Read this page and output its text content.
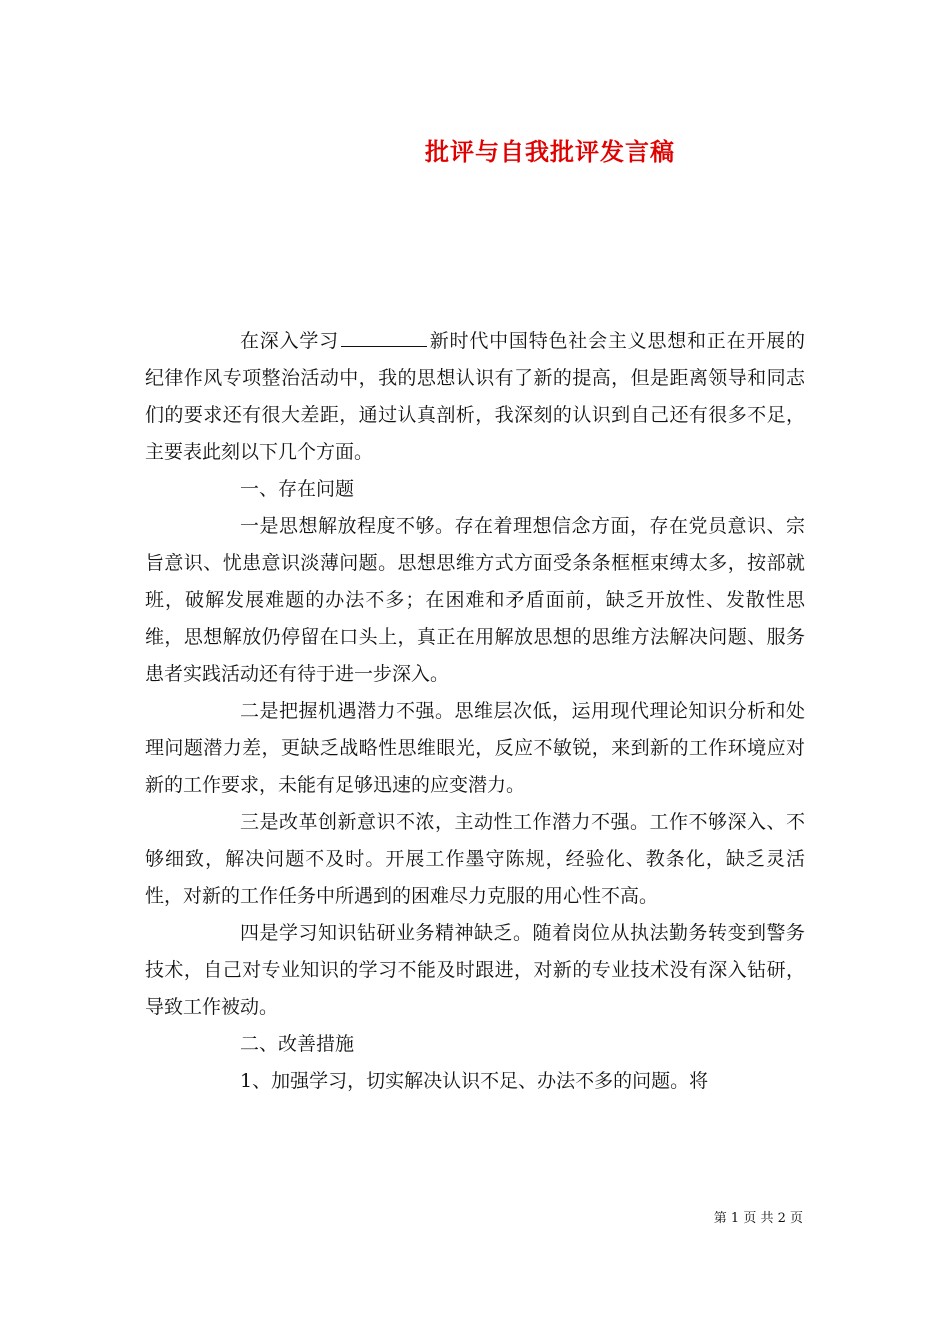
批评与自我批评发言稿

在深入学习	新时代中国特色社会主义思想和正在开展的纪律作风专项整治活动中，我的思想认识有了新的提高，但是距离领导和同志们的要求还有很大差距，通过认真剖析，我深刻的认识到自己还有很多不足，主要表此刻以下几个方面。

一、存在问题

一是思想解放程度不够。存在着理想信念方面，存在党员意识、宗旨意识、忧患意识淡薄问题。思想思维方式方面受条条框框束缚太多，按部就班，破解发展难题的办法不多；在困难和矛盾面前，缺乏开放性、发散性思维，思想解放仍停留在口头上，真正在用解放思想的思维方法解决问题、服务患者实践活动还有待于进一步深入。

二是把握机遇潜力不强。思维层次低，运用现代理论知识分析和处理问题潜力差，更缺乏战略性思维眼光，反应不敏锐，来到新的工作环境应对新的工作要求，未能有足够迅速的应变潜力。

三是改革创新意识不浓，主动性工作潜力不强。工作不够深入、不够细致，解决问题不及时。开展工作墨守陈规，经验化、教条化，缺乏灵活性，对新的工作任务中所遇到的困难尽力克服的用心性不高。

四是学习知识钻研业务精神缺乏。随着岗位从执法勤务转变到警务技术，自己对专业知识的学习不能及时跟进，对新的专业技术没有深入钻研，导致工作被动。

二、改善措施

1、加强学习，切实解决认识不足、办法不多的问题。将

第 1 页 共 2 页
